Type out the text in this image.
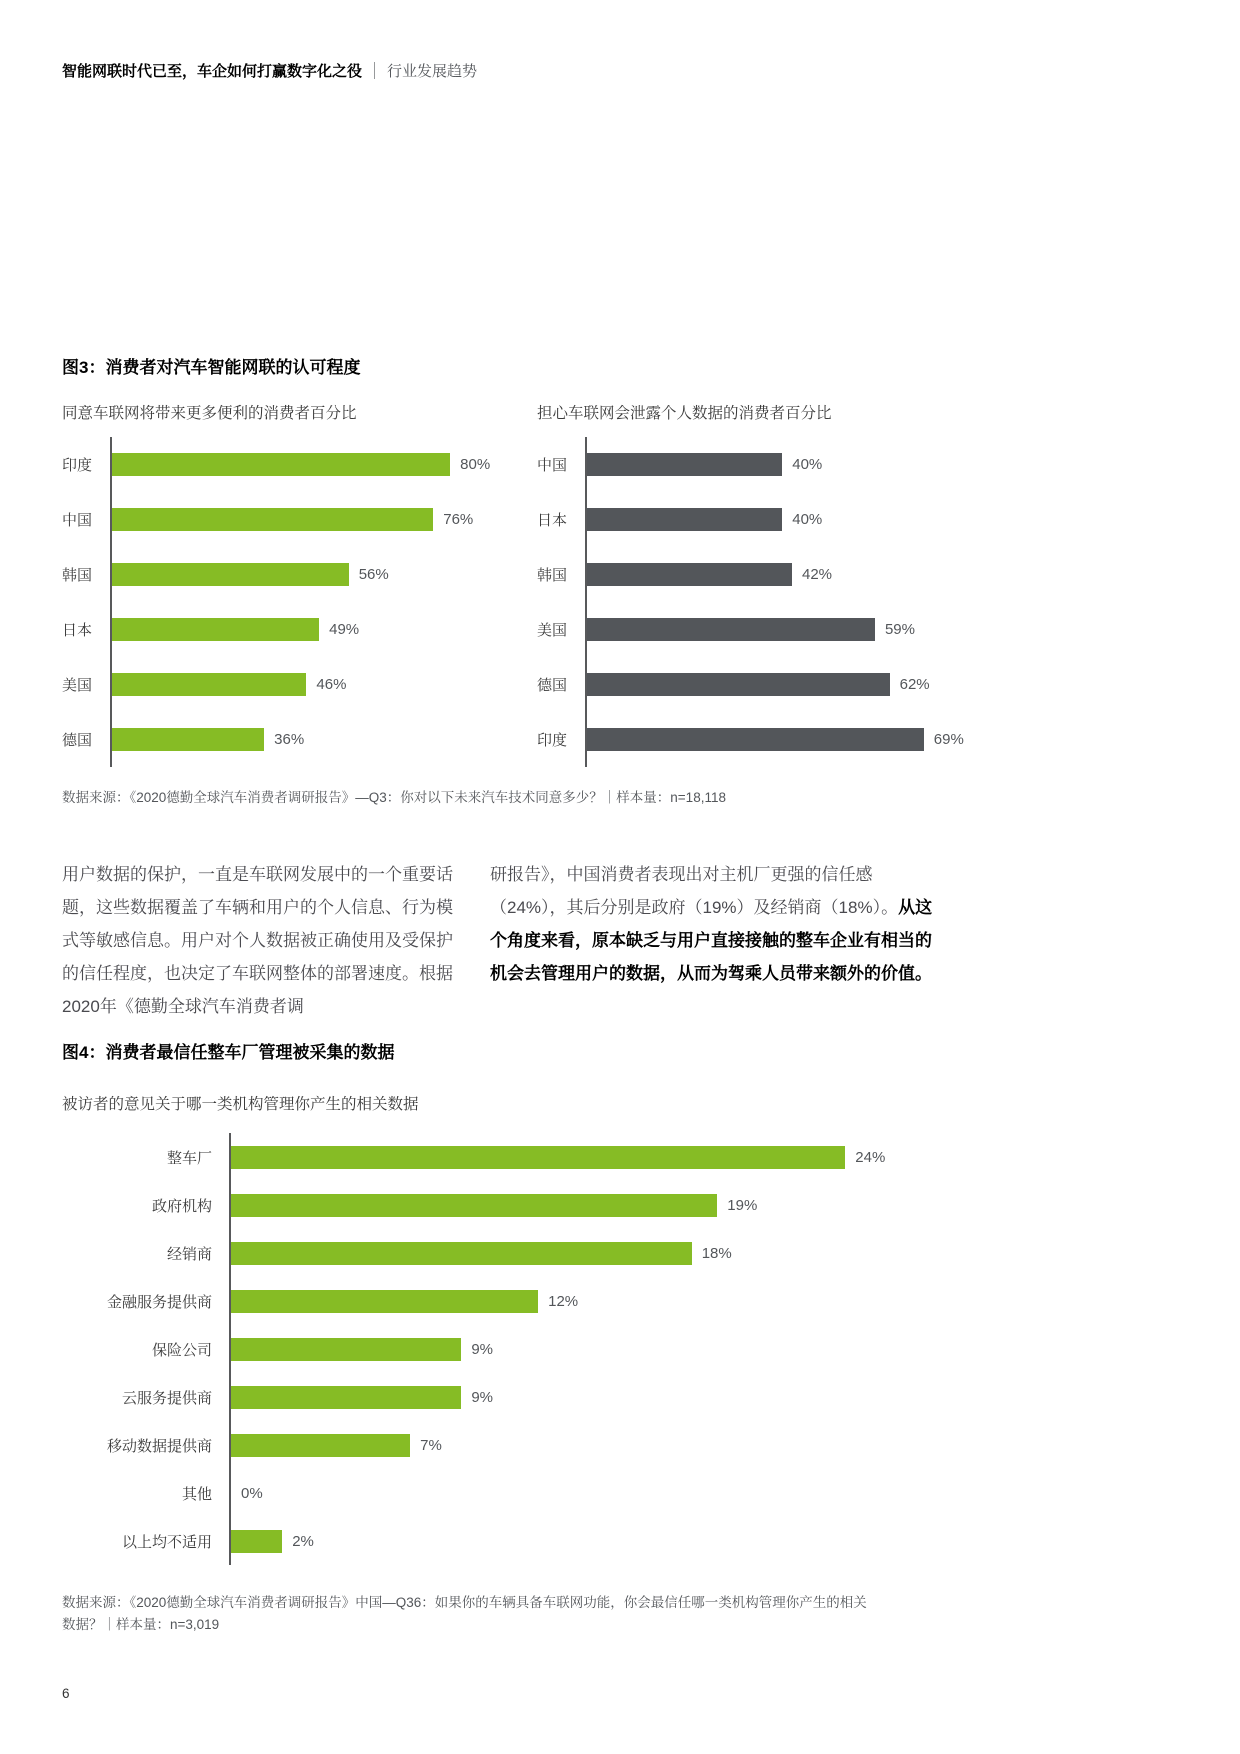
智能网联时代已至，车企如何打赢数字化之役 行业发展趋势
图3：消费者对汽车智能网联的认可程度

同意车联网将带来更多便利的消费者百分比

印度	80%
中国	76%
韩国	56%
日本	49%
美国	46%
德国	36%

担心车联网会泄露个人数据的消费者百分比

中国	40%
日本	40%
韩国	42%
美国	59%
德国	62%
印度	69%

数据来源：《2020德勤全球汽车消费者调研报告》—Q3：你对以下未来汽车技术同意多少？｜样本量：n=18,118

用户数据的保护，一直是车联网发展中的一个重要话题，这些数据覆盖了车辆和用户的个人信息、行为模式等敏感信息。用户对个人数据被正确使用及受保护的信任程度，也决定了车联网整体的部署速度。根据2020年《德勤全球汽车消费者调

研报告》，中国消费者表现出对主机厂更强的信任感（24%），其后分别是政府（19%）及经销商（18%）。从这个角度来看，原本缺乏与用户直接接触的整车企业有相当的机会去管理用户的数据，从而为驾乘人员带来额外的价值。

图4：消费者最信任整车厂管理被采集的数据

被访者的意见关于哪一类机构管理你产生的相关数据

整车厂	24%
政府机构	19%
经销商	18%
金融服务提供商	12%
保险公司	9%
云服务提供商	9%
移动数据提供商	7%
其他	0%
以上均不适用	2%

数据来源：《2020德勤全球汽车消费者调研报告》中国—Q36：如果你的车辆具备车联网功能，你会最信任哪一类机构管理你产生的相关
数据？｜样本量：n=3,019

6
